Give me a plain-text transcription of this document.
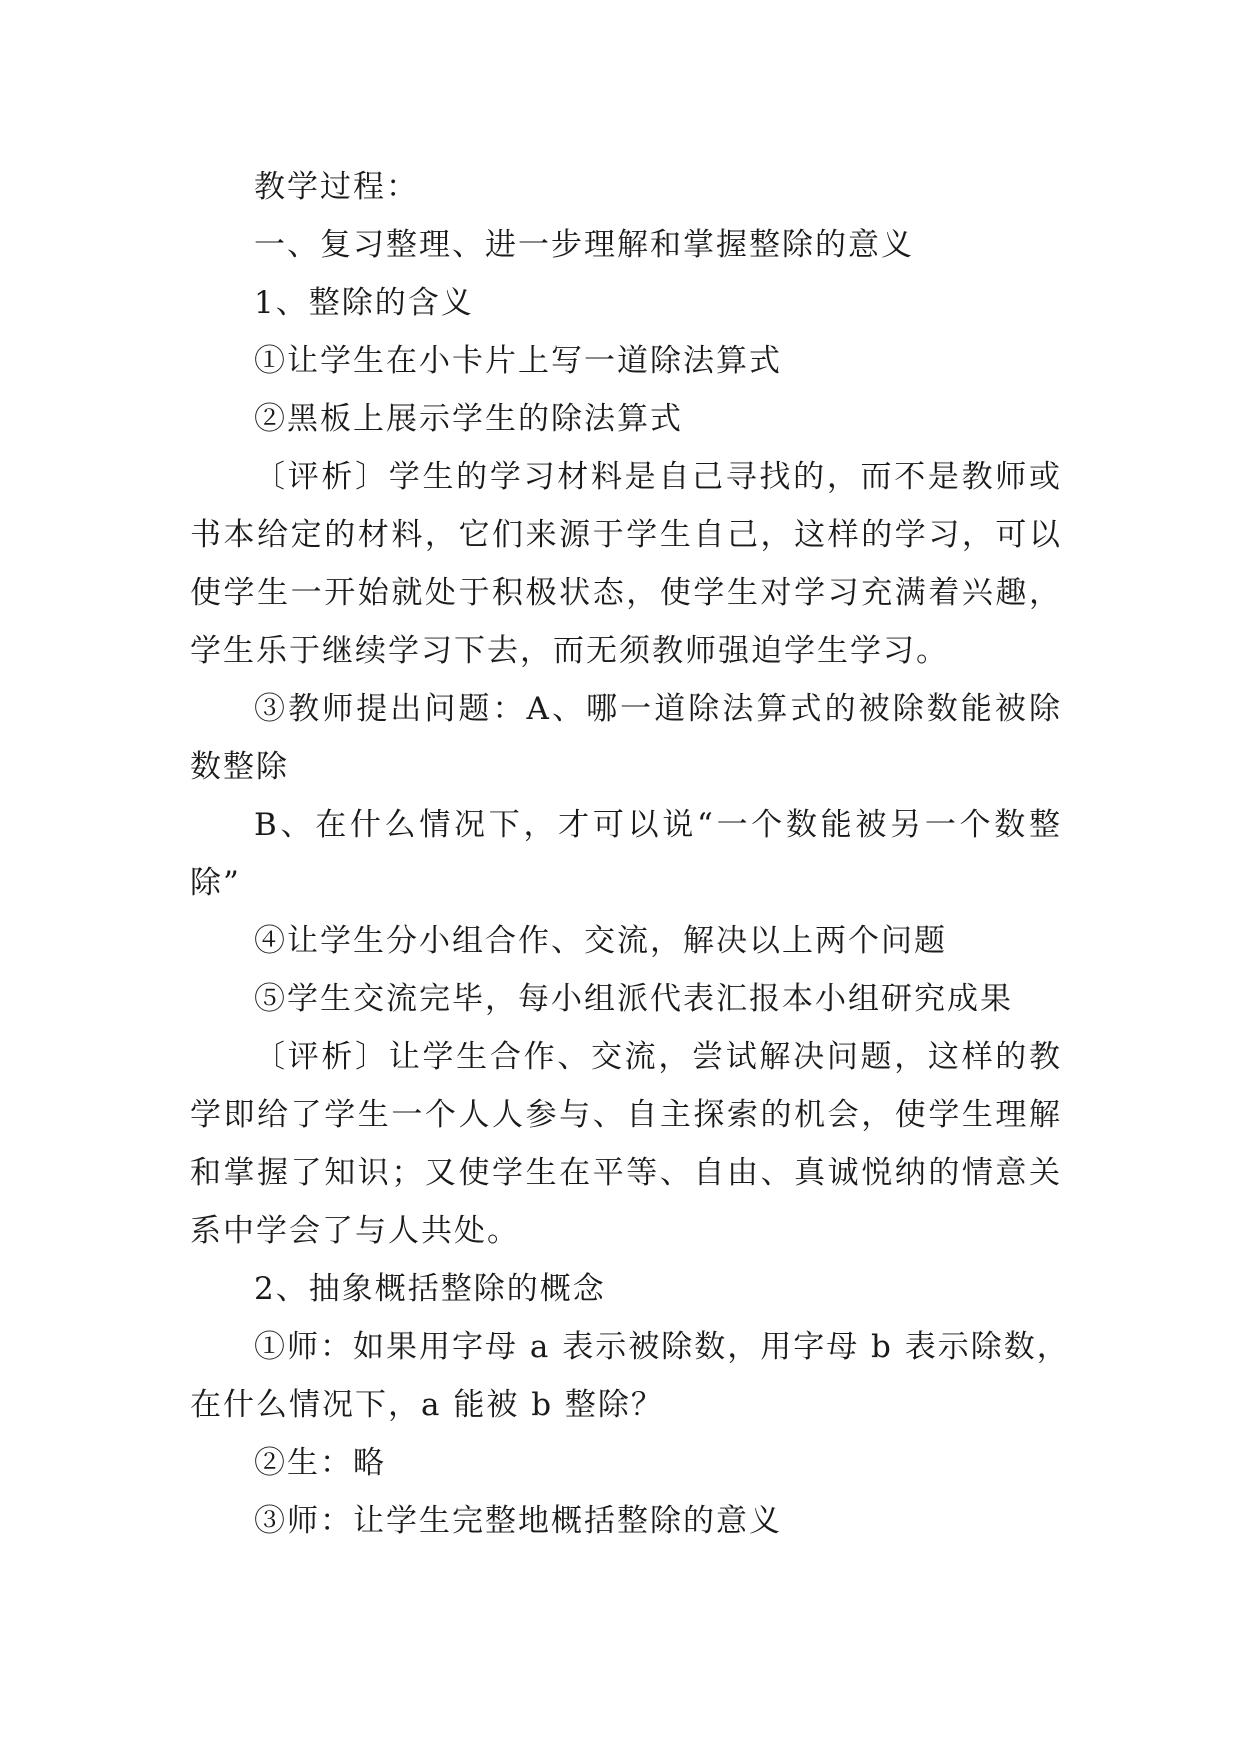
教学过程：
一、复习整理、进一步理解和掌握整除的意义
1、整除的含义
①让学生在小卡片上写一道除法算式
②黑板上展示学生的除法算式
〔评析〕学生的学习材料是自己寻找的，而不是教师或
书本给定的材料，它们来源于学生自己，这样的学习，可以
使学生一开始就处于积极状态，使学生对学习充满着兴趣，
学生乐于继续学习下去，而无须教师强迫学生学习。
③教师提出问题：A、哪一道除法算式的被除数能被除
数整除
B、在什么情况下，才可以说“一个数能被另一个数整
除”
④让学生分小组合作、交流，解决以上两个问题
⑤学生交流完毕，每小组派代表汇报本小组研究成果
〔评析〕让学生合作、交流，尝试解决问题，这样的教
学即给了学生一个人人参与、自主探索的机会，使学生理解
和掌握了知识；又使学生在平等、自由、真诚悦纳的情意关
系中学会了与人共处。
2、抽象概括整除的概念
①师：如果用字母 a 表示被除数，用字母 b 表示除数，
在什么情况下，a 能被 b 整除？
②生：略
③师：让学生完整地概括整除的意义
